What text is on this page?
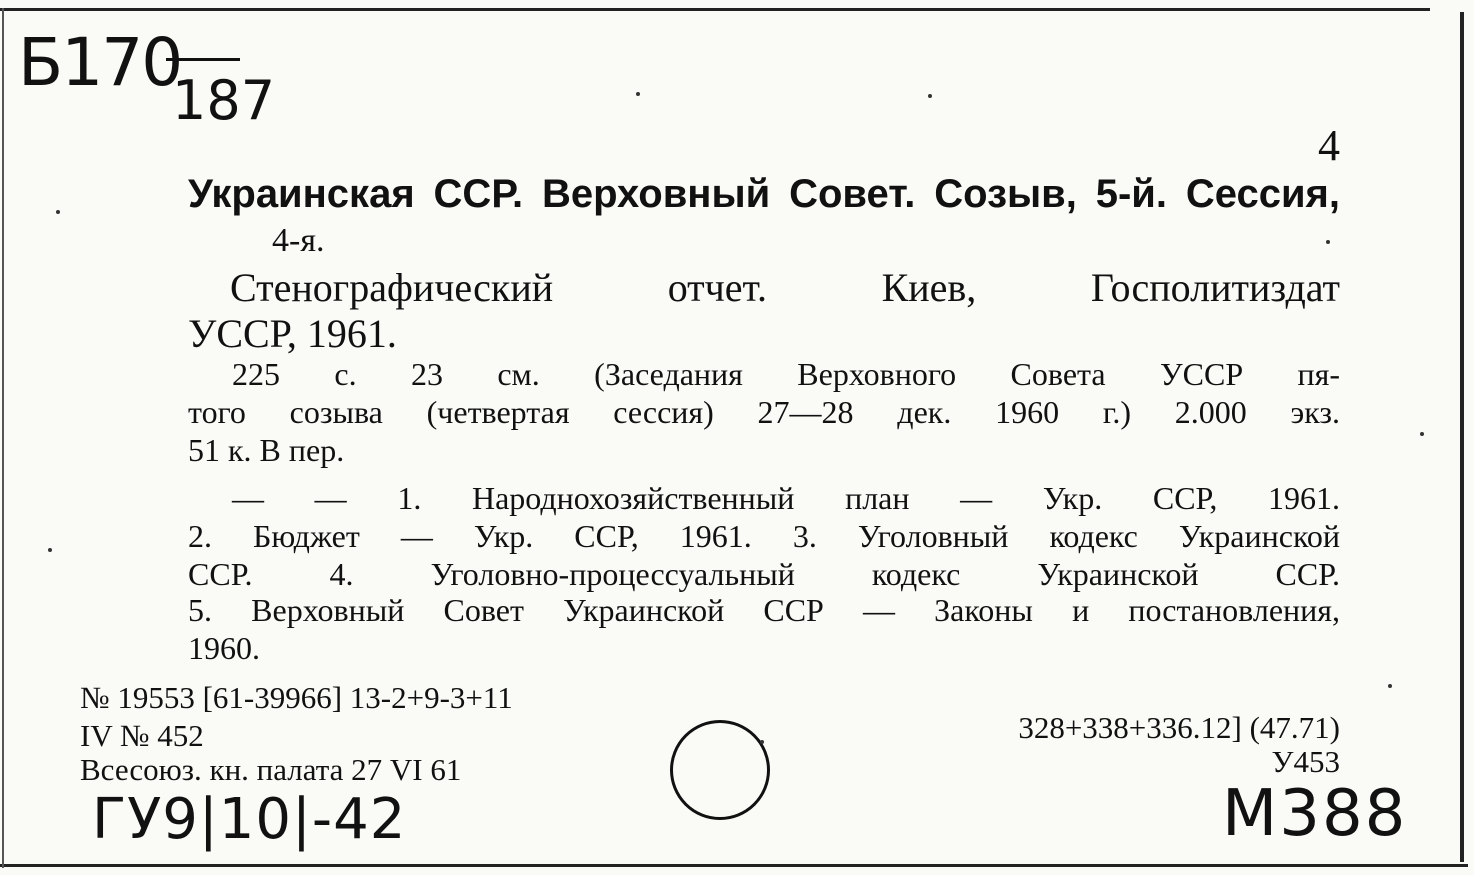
Б170
187
4
Украинская ССР. Верховный Совет. Созыв, 5-й. Сессия,
4-я.
Стенографический отчет. Киев, Госполитиздат
УССР, 1961.
225 с. 23 см. (Заседания Верховного Совета УССР пя-
того созыва (четвертая сессия) 27—28 дек. 1960 г.) 2.000 экз.
51 к. В пер.
— — 1. Народнохозяйственный план — Укр. ССР, 1961.
2. Бюджет — Укр. ССР, 1961. 3. Уголовный кодекс Украинской
ССР. 4. Уголовно-процессуальный кодекс Украинской ССР.
5. Верховный Совет Украинской ССР — Законы и постановления,
1960.
№ 19553 [61-39966] 13-2+9-3+11
IV № 452
Всесоюз. кн. палата 27 VI 61
328+338+336.12] (47.71)
У453
ГУ9|10|-42	М388
